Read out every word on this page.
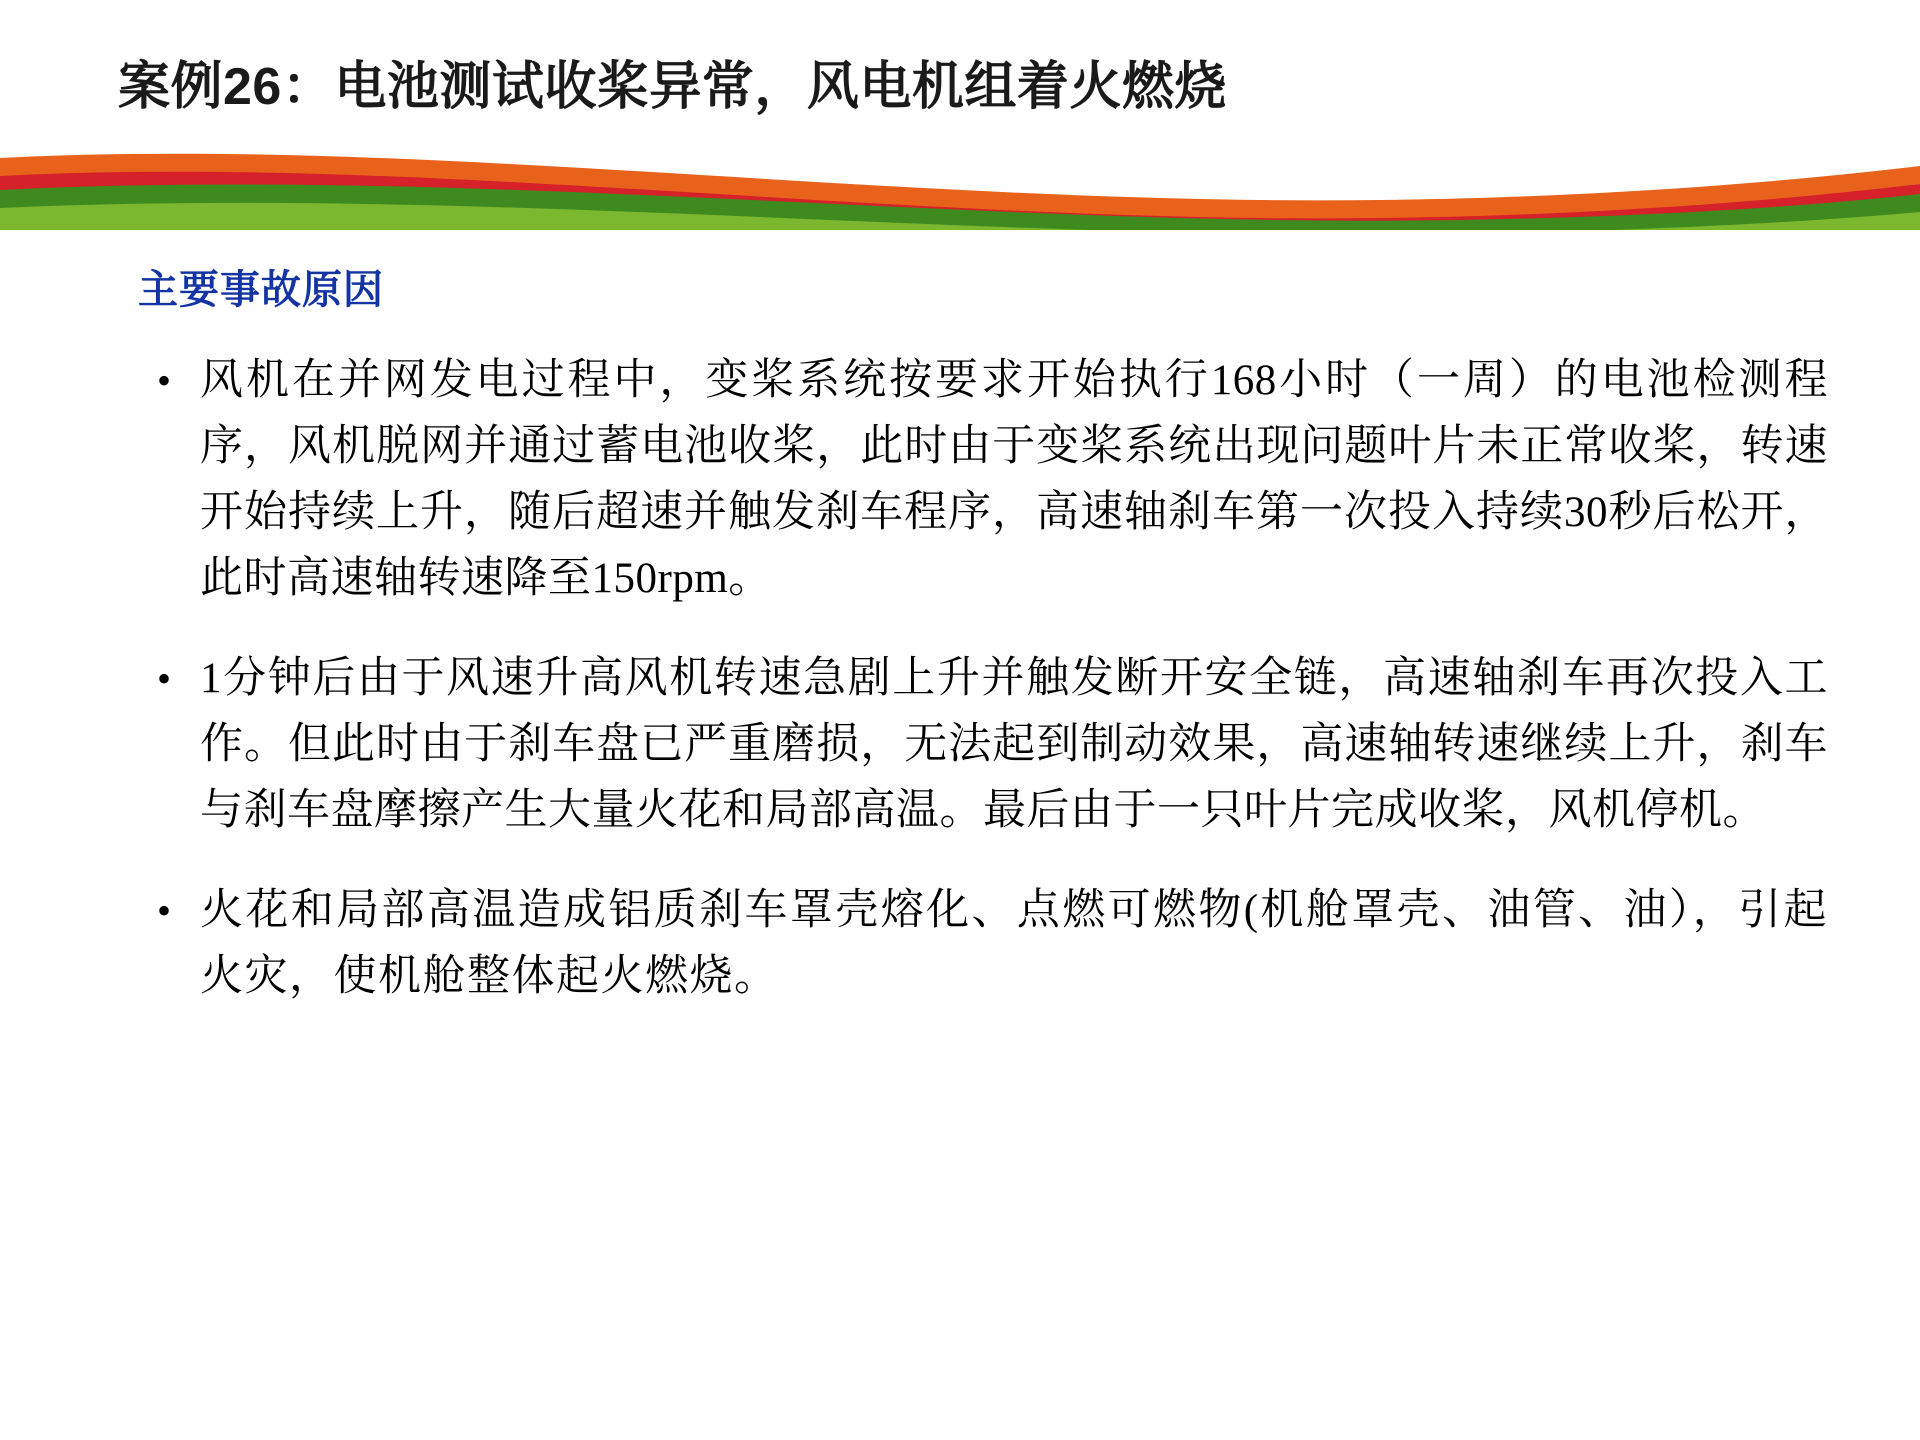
案例26：电池测试收桨异常，风电机组着火燃烧
主要事故原因
• 风机在并网发电过程中，变桨系统按要求开始执行168小时（一周）的电池检测程序，风机脱网并通过蓄电池收桨，此时由于变桨系统出现问题叶片未正常收桨，转速开始持续上升，随后超速并触发刹车程序，高速轴刹车第一次投入持续30秒后松开，此时高速轴转速降至150rpm。
• 1分钟后由于风速升高风机转速急剧上升并触发断开安全链，高速轴刹车再次投入工作。但此时由于刹车盘已严重磨损，无法起到制动效果，高速轴转速继续上升，刹车与刹车盘摩擦产生大量火花和局部高温。最后由于一只叶片完成收桨，风机停机。
• 火花和局部高温造成铝质刹车罩壳熔化、点燃可燃物(机舱罩壳、油管、油），引起火灾，使机舱整体起火燃烧。
